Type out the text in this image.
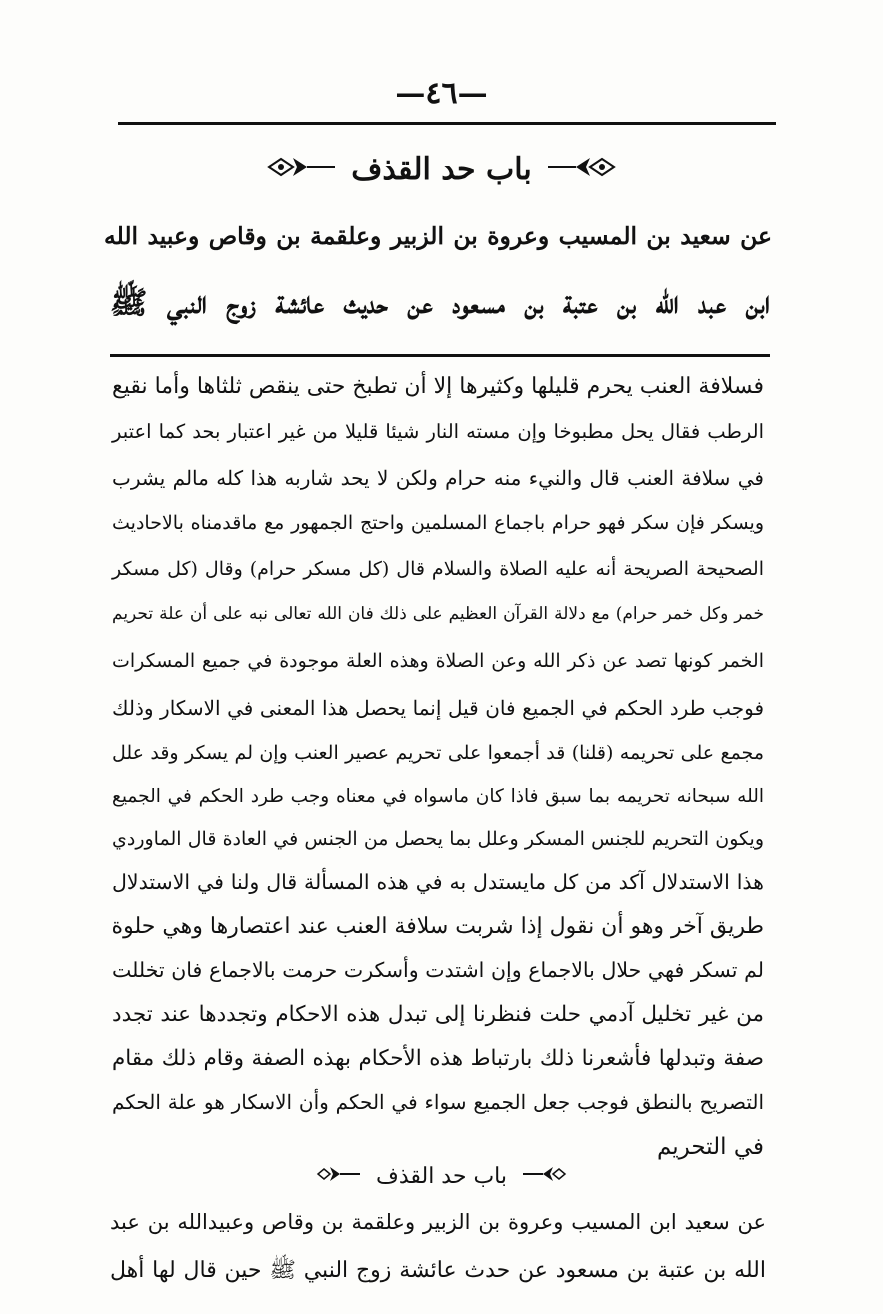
—٤٦—
باب حد القذف
عن سعيد بن المسيب وعروة بن الزبير وعلقمة بن وقاص وعبيد الله
ابن عبد الله بن عتبة بن مسعود عن حديث عائشة زوج النبي ﷺ
فسلافة العنب يحرم قليلها وكثيرها إلا أن تطبخ حتى ينقص ثلثاها وأما نقيع
الرطب فقال يحل مطبوخا وإن مسته النار شيئا قليلا من غير اعتبار بحد كما اعتبر
في سلافة العنب قال والنيء منه حرام ولكن لا يحد شاربه هذا كله مالم يشرب
ويسكر فإن سكر فهو حرام باجماع المسلمين واحتج الجمهور مع ماقدمناه بالاحاديث
الصحيحة الصريحة أنه عليه الصلاة والسلام قال (كل مسكر حرام) وقال (كل مسكر
خمر وكل خمر حرام) مع دلالة القرآن العظيم على ذلك فان الله تعالى نبه على أن علة تحريم
الخمر كونها تصد عن ذكر الله وعن الصلاة وهذه العلة موجودة في جميع المسكرات
فوجب طرد الحكم في الجميع فان قيل إنما يحصل هذا المعنى في الاسكار وذلك
مجمع على تحريمه (قلنا) قد أجمعوا على تحريم عصير العنب وإن لم يسكر وقد علل
الله سبحانه تحريمه بما سبق فاذا كان ماسواه في معناه وجب طرد الحكم في الجميع
ويكون التحريم للجنس المسكر وعلل بما يحصل من الجنس في العادة قال الماوردي
هذا الاستدلال آكد من كل مايستدل به في هذه المسألة قال ولنا في الاستدلال
طريق آخر وهو أن نقول إذا شربت سلافة العنب عند اعتصارها وهي حلوة
لم تسكر فهي حلال بالاجماع وإن اشتدت وأسكرت حرمت بالاجماع فان تخللت
من غير تخليل آدمي حلت فنظرنا إلى تبدل هذه الاحكام وتجددها عند تجدد
صفة وتبدلها فأشعرنا ذلك بارتباط هذه الأحكام بهذه الصفة وقام ذلك مقام
التصريح بالنطق فوجب جعل الجميع سواء في الحكم وأن الاسكار هو علة الحكم
في التحريم
باب حد القذف
عن سعيد ابن المسيب وعروة بن الزبير وعلقمة بن وقاص وعبيدالله بن عبد
الله بن عتبة بن مسعود عن حدث عائشة زوج النبي ﷺ حين قال لها أهل
